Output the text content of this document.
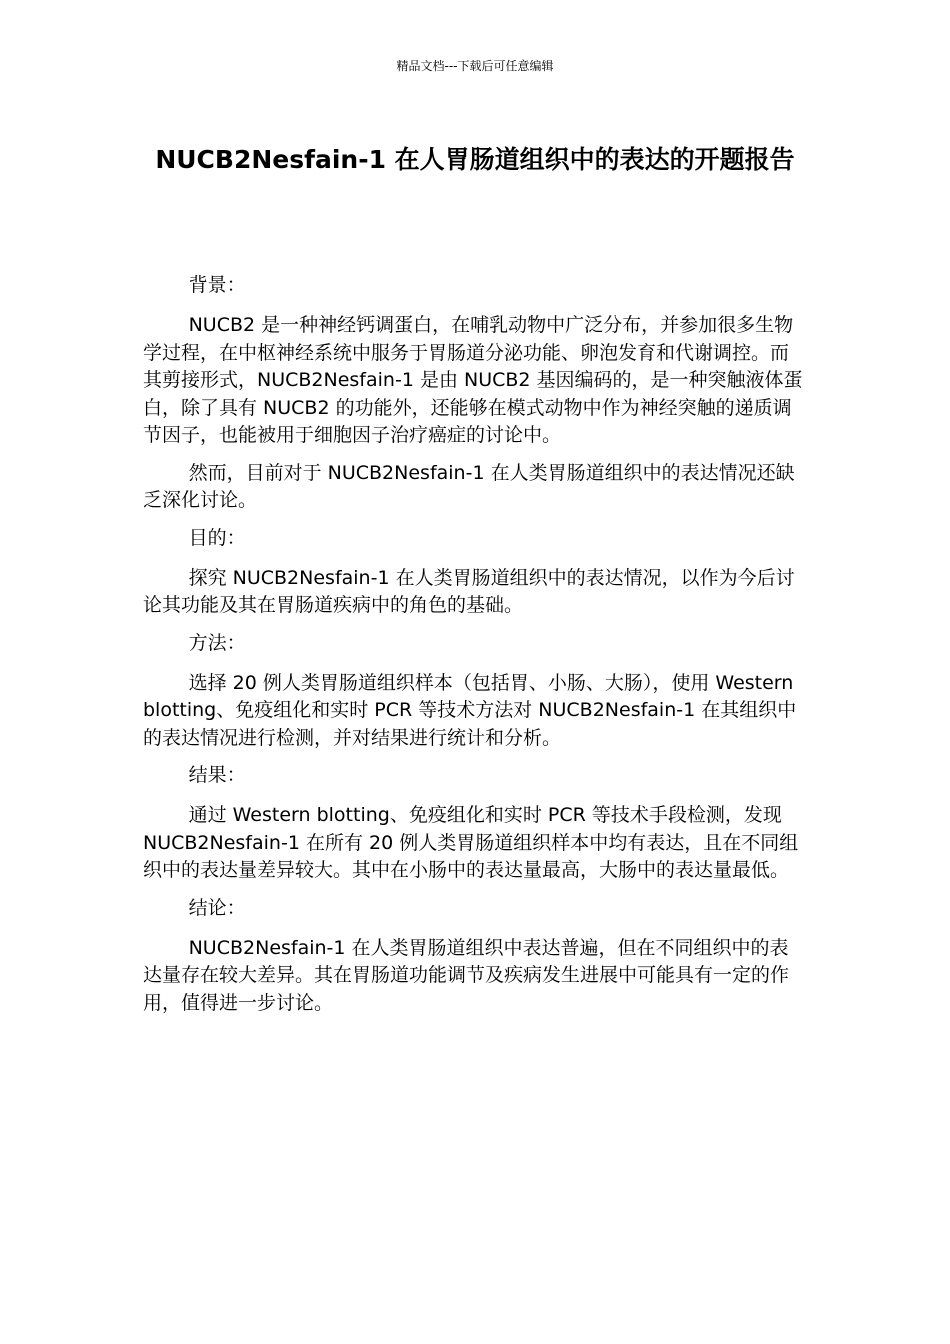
精品文档---下载后可任意编辑
NUCB2Nesfain-1 在人胃肠道组织中的表达的开题报告

背景：

NUCB2 是一种神经钙调蛋白，在哺乳动物中广泛分布，并参加很多生物学过程，在中枢神经系统中服务于胃肠道分泌功能、卵泡发育和代谢调控。而其剪接形式，NUCB2Nesfain-1 是由 NUCB2 基因编码的，是一种突触液体蛋白，除了具有 NUCB2 的功能外，还能够在模式动物中作为神经突触的递质调节因子，也能被用于细胞因子治疗癌症的讨论中。

然而，目前对于 NUCB2Nesfain-1 在人类胃肠道组织中的表达情况还缺乏深化讨论。

目的：

探究 NUCB2Nesfain-1 在人类胃肠道组织中的表达情况，以作为今后讨论其功能及其在胃肠道疾病中的角色的基础。

方法：

选择 20 例人类胃肠道组织样本（包括胃、小肠、大肠），使用 Western blotting、免疫组化和实时 PCR 等技术方法对 NUCB2Nesfain-1 在其组织中的表达情况进行检测，并对结果进行统计和分析。

结果：

通过 Western blotting、免疫组化和实时 PCR 等技术手段检测，发现 NUCB2Nesfain-1 在所有 20 例人类胃肠道组织样本中均有表达，且在不同组织中的表达量差异较大。其中在小肠中的表达量最高，大肠中的表达量最低。

结论：

NUCB2Nesfain-1 在人类胃肠道组织中表达普遍，但在不同组织中的表达量存在较大差异。其在胃肠道功能调节及疾病发生进展中可能具有一定的作用，值得进一步讨论。
